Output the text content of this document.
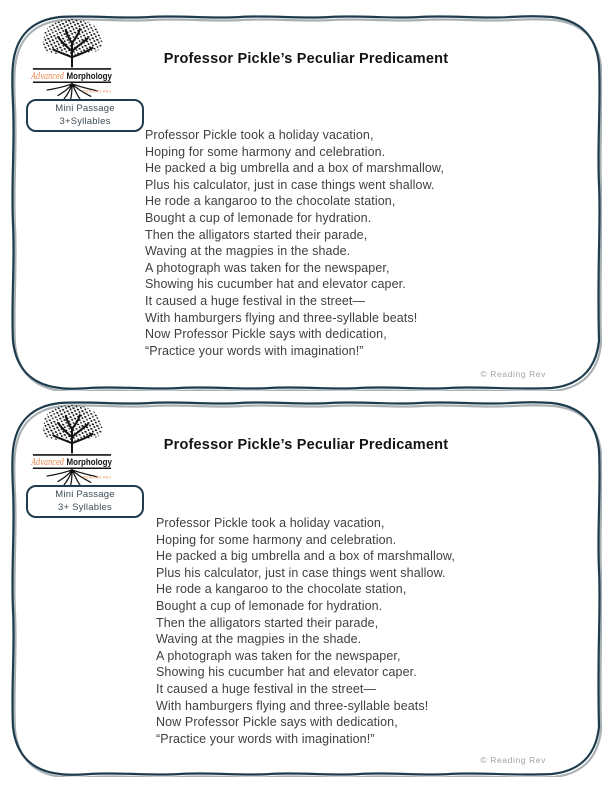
Advanced Morphology
READING REV
Mini Passage
3+Syllables
Professor Pickle’s Peculiar Predicament
Professor Pickle took a holiday vacation,
Hoping for some harmony and celebration.
He packed a big umbrella and a box of marshmallow,
Plus his calculator, just in case things went shallow.
He rode a kangaroo to the chocolate station,
Bought a cup of lemonade for hydration.
Then the alligators started their parade,
Waving at the magpies in the shade.
A photograph was taken for the newspaper,
Showing his cucumber hat and elevator caper.
It caused a huge festival in the street—
With hamburgers flying and three-syllable beats!
Now Professor Pickle says with dedication,
“Practice your words with imagination!”
© Reading Rev
Advanced Morphology
READING REV
Mini Passage
3+ Syllables
Professor Pickle’s Peculiar Predicament
Professor Pickle took a holiday vacation,
Hoping for some harmony and celebration.
He packed a big umbrella and a box of marshmallow,
Plus his calculator, just in case things went shallow.
He rode a kangaroo to the chocolate station,
Bought a cup of lemonade for hydration.
Then the alligators started their parade,
Waving at the magpies in the shade.
A photograph was taken for the newspaper,
Showing his cucumber hat and elevator caper.
It caused a huge festival in the street—
With hamburgers flying and three-syllable beats!
Now Professor Pickle says with dedication,
“Practice your words with imagination!”
© Reading Rev
